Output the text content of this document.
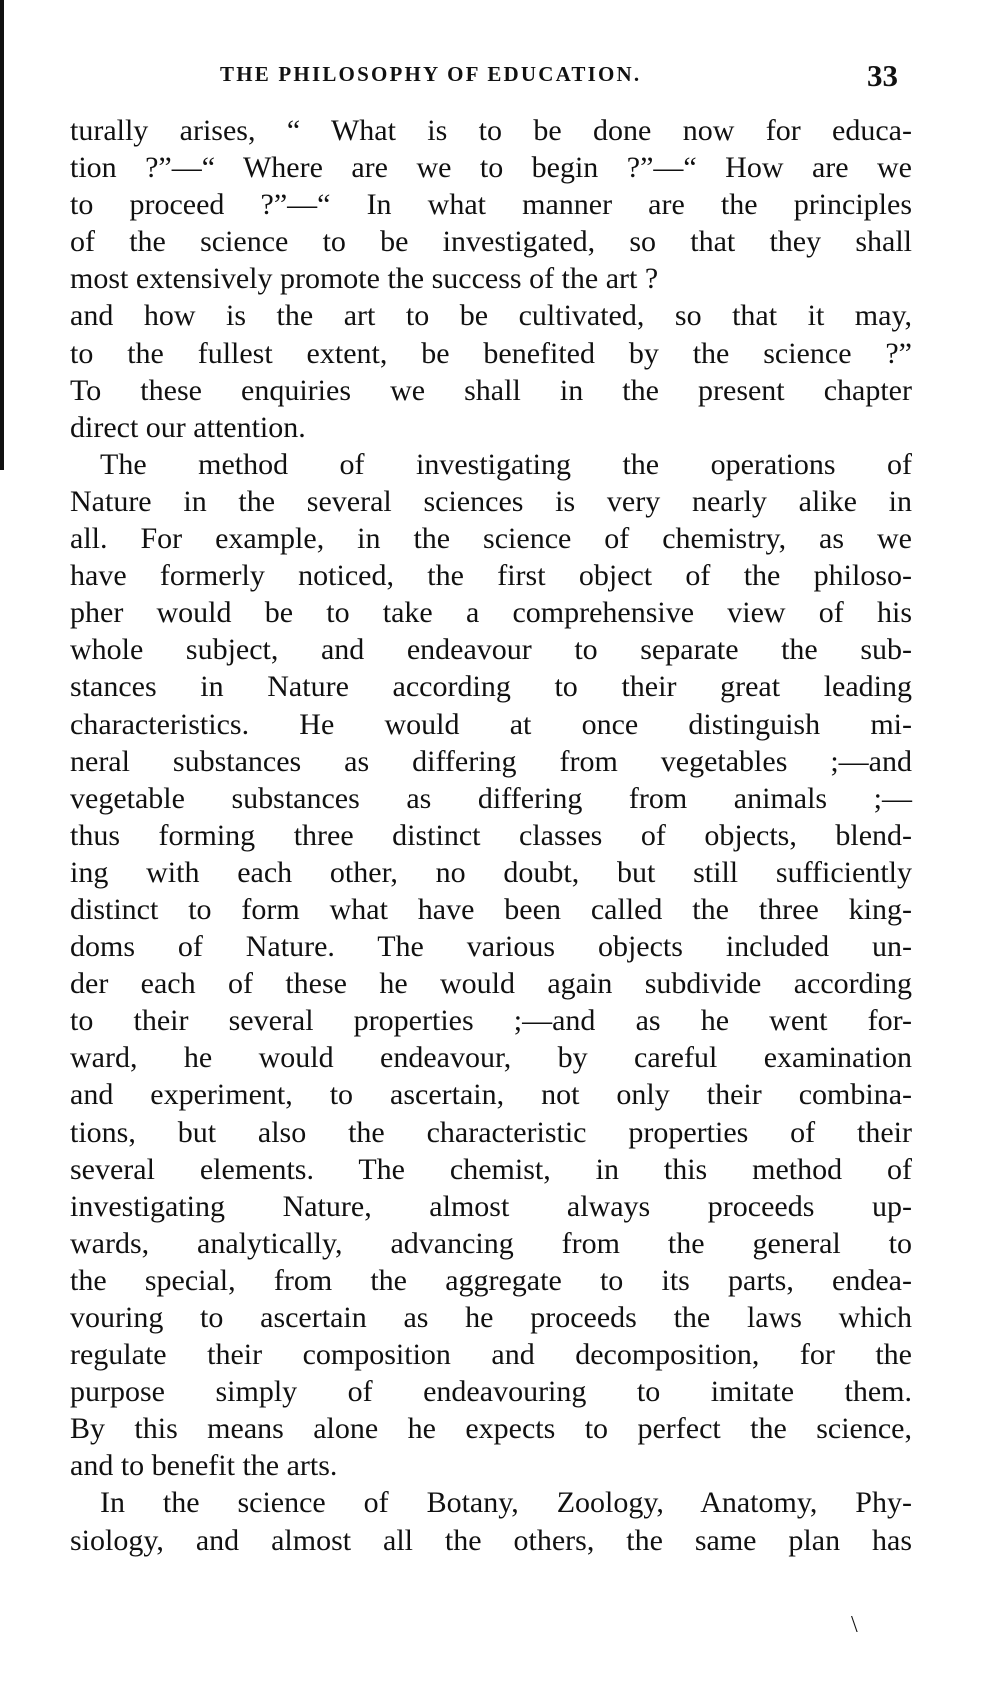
THE PHILOSOPHY OF EDUCATION.	33
turally arises, “ What is to be done now for educa-
tion ?”—“ Where are we to begin ?”—“ How are we
to proceed ?”—“ In what manner are the principles
of the science to be investigated, so that they shall
most extensively promote the success of the art ?
and how is the art to be cultivated, so that it may,
to the fullest extent, be benefited by the science ?”
To these enquiries we shall in the present chapter
direct our attention.
The method of investigating the operations of
Nature in the several sciences is very nearly alike in
all. For example, in the science of chemistry, as we
have formerly noticed, the first object of the philoso-
pher would be to take a comprehensive view of his
whole subject, and endeavour to separate the sub-
stances in Nature according to their great leading
characteristics. He would at once distinguish mi-
neral substances as differing from vegetables ;—and
vegetable substances as differing from animals ;—
thus forming three distinct classes of objects, blend-
ing with each other, no doubt, but still sufficiently
distinct to form what have been called the three king-
doms of Nature. The various objects included un-
der each of these he would again subdivide according
to their several properties ;—and as he went for-
ward, he would endeavour, by careful examination
and experiment, to ascertain, not only their combina-
tions, but also the characteristic properties of their
several elements. The chemist, in this method of
investigating Nature, almost always proceeds up-
wards, analytically, advancing from the general to
the special, from the aggregate to its parts, endea-
vouring to ascertain as he proceeds the laws which
regulate their composition and decomposition, for the
purpose simply of endeavouring to imitate them.
By this means alone he expects to perfect the science,
and to benefit the arts.
In the science of Botany, Zoology, Anatomy, Phy-
siology, and almost all the others, the same plan has
\
